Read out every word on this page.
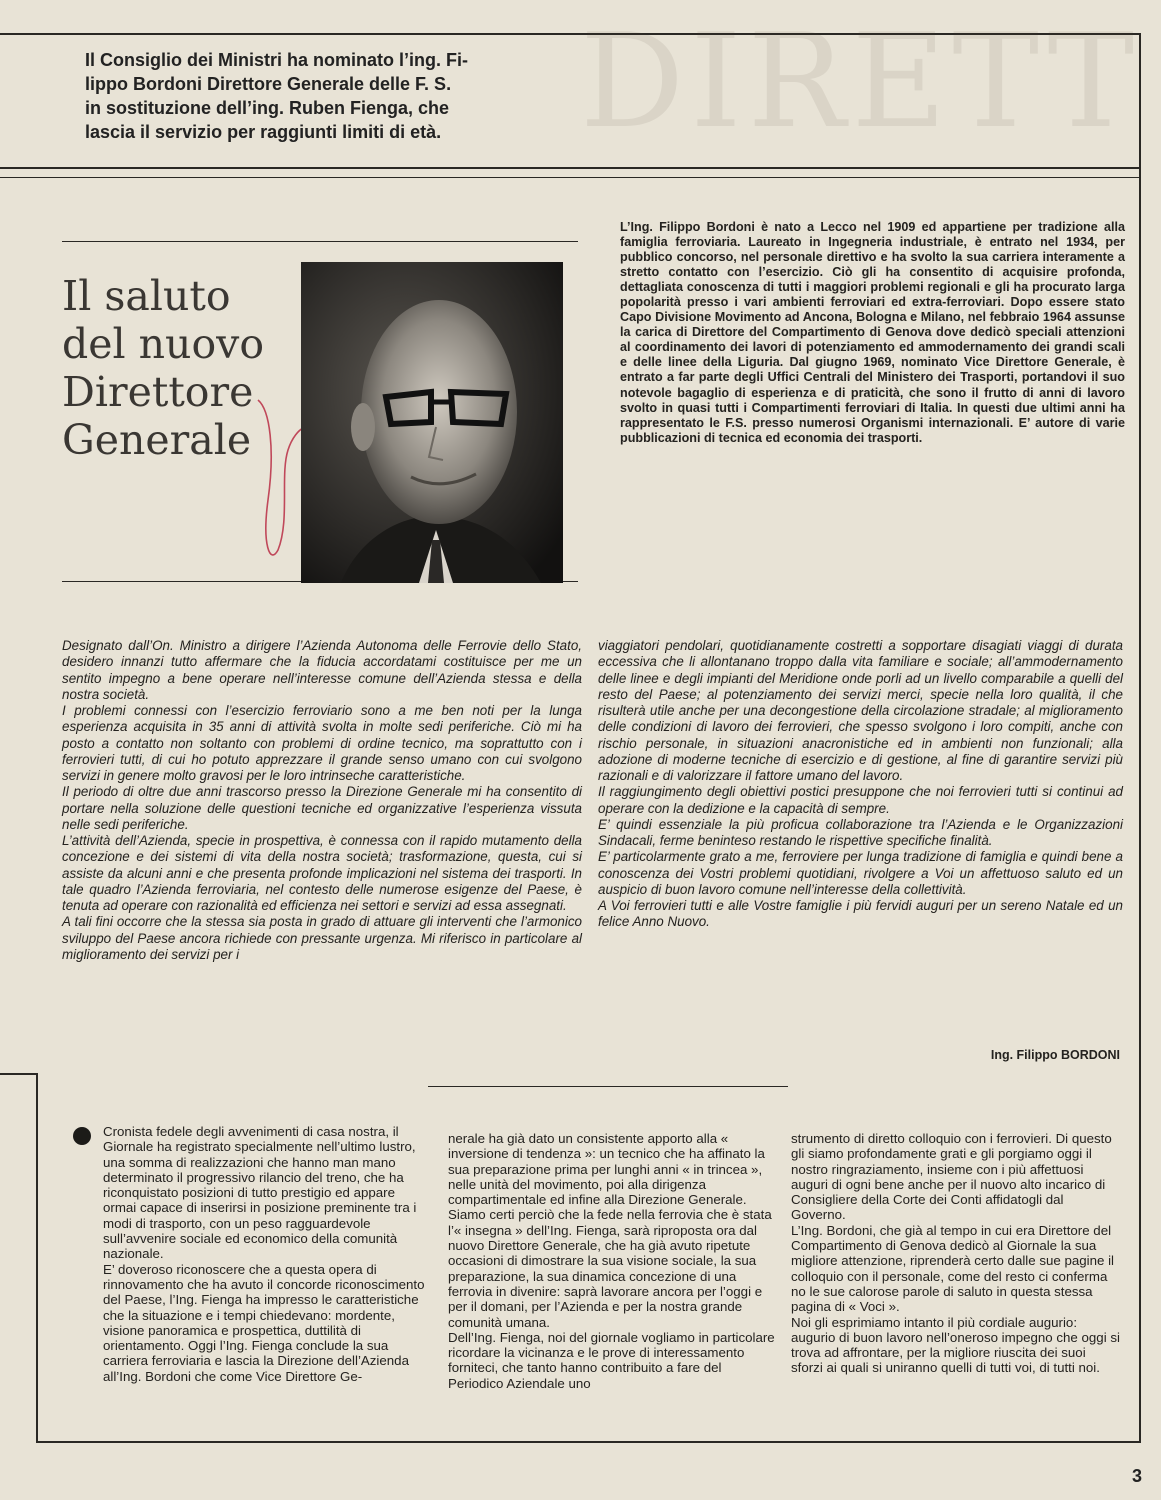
DIRETT

Il Consiglio dei Ministri ha nominato l’ing. Fi-

lippo Bordoni Direttore Generale delle F. S.

in sostituzione dell’ing. Ruben Fienga, che

lascia il servizio per raggiunti limiti di età.

Il saluto
del nuovo
Direttore
Generale

L’Ing. Filippo Bordoni è nato a Lecco nel 1909 ed appartiene per tradizione alla famiglia ferroviaria. Laureato in Ingegneria industriale, è entrato nel 1934, per pubblico concorso, nel personale direttivo e ha svolto la sua carriera interamente a stretto contatto con l’esercizio. Ciò gli ha consentito di acquisire profonda, dettagliata conoscenza di tutti i maggiori problemi regionali e gli ha procurato larga popolarità presso i vari ambienti ferroviari ed extra-ferroviari. Dopo essere stato Capo Divisione Movimento ad Ancona, Bologna e Milano, nel febbraio 1964 assunse la carica di Direttore del Compartimento di Genova dove dedicò speciali attenzioni al coordinamento dei lavori di potenziamento ed ammodernamento dei grandi scali e delle linee della Liguria. Dal giugno 1969, nominato Vice Direttore Generale, è entrato a far parte degli Uffici Centrali del Ministero dei Trasporti, portandovi il suo notevole bagaglio di esperienza e di praticità, che sono il frutto di anni di lavoro svolto in quasi tutti i Compartimenti ferroviari di Italia. In questi due ultimi anni ha rappresentato le F.S. presso numerosi Organismi internazionali. E’ autore di varie pubblicazioni di tecnica ed economia dei trasporti.

Designato dall’On. Ministro a dirigere l’Azienda Autonoma delle Ferrovie dello Stato, desidero innanzi tutto affermare che la fiducia accordatami costituisce per me un sentito impegno a bene operare nell’interesse comune dell’Azienda stessa e della nostra società.

I problemi connessi con l’esercizio ferroviario sono a me ben noti per la lunga esperienza acquisita in 35 anni di attività svolta in molte sedi periferiche. Ciò mi ha posto a contatto non soltanto con problemi di ordine tecnico, ma soprattutto con i ferrovieri tutti, di cui ho potuto apprezzare il grande senso umano con cui svolgono servizi in genere molto gravosi per le loro intrinseche caratteristiche.

Il periodo di oltre due anni trascorso presso la Direzione Generale mi ha consentito di portare nella soluzione delle questioni tecniche ed organizzative l’esperienza vissuta nelle sedi periferiche.

L’attività dell’Azienda, specie in prospettiva, è connessa con il rapido mutamento della concezione e dei sistemi di vita della nostra società; trasformazione, questa, cui si assiste da alcuni anni e che presenta profonde implicazioni nel sistema dei trasporti. In tale quadro l’Azienda ferroviaria, nel contesto delle numerose esigenze del Paese, è tenuta ad operare con razionalità ed efficienza nei settori e servizi ad essa assegnati.

A tali fini occorre che la stessa sia posta in grado di attuare gli interventi che l’armonico sviluppo del Paese ancora richiede con pressante urgenza. Mi riferisco in particolare al miglioramento dei servizi per i

viaggiatori pendolari, quotidianamente costretti a sopportare disagiati viaggi di durata eccessiva che li allontanano troppo dalla vita familiare e sociale; all’ammodernamento delle linee e degli impianti del Meridione onde porli ad un livello comparabile a quelli del resto del Paese; al potenziamento dei servizi merci, specie nella loro qualità, il che risulterà utile anche per una decongestione della circolazione stradale; al miglioramento delle condizioni di lavoro dei ferrovieri, che spesso svolgono i loro compiti, anche con rischio personale, in situazioni anacronistiche ed in ambienti non funzionali; alla adozione di moderne tecniche di esercizio e di gestione, al fine di garantire servizi più razionali e di valorizzare il fattore umano del lavoro.

Il raggiungimento degli obiettivi postici presuppone che noi ferrovieri tutti si continui ad operare con la dedizione e la capacità di sempre.

E’ quindi essenziale la più proficua collaborazione tra l’Azienda e le Organizzazioni Sindacali, ferme beninteso restando le rispettive specifiche finalità.

E’ particolarmente grato a me, ferroviere per lunga tradizione di famiglia e quindi bene a conoscenza dei Vostri problemi quotidiani, rivolgere a Voi un affettuoso saluto ed un auspicio di buon lavoro comune nell’interesse della collettività.

A Voi ferrovieri tutti e alle Vostre famiglie i più fervidi auguri per un sereno Natale ed un felice Anno Nuovo.

Ing. Filippo BORDONI

Cronista fedele degli avvenimenti di casa nostra, il Giornale ha registrato specialmente nell’ultimo lustro, una somma di realizzazioni che hanno man mano determinato il progressivo rilancio del treno, che ha riconquistato posizioni di tutto prestigio ed appare ormai capace di inserirsi in posizione preminente tra i modi di trasporto, con un peso ragguardevole sull’avvenire sociale ed economico della comunità nazionale.

E’ doveroso riconoscere che a questa opera di rinnovamento che ha avuto il concorde riconoscimento del Paese, l’Ing. Fienga ha impresso le caratteristiche che la situazione e i tempi chiedevano: mordente, visione panoramica e prospettica, duttilità di orientamento. Oggi l’Ing. Fienga conclude la sua carriera ferroviaria e lascia la Direzione dell’Azienda all’Ing. Bordoni che come Vice Direttore Ge-

nerale ha già dato un consistente apporto alla « inversione di tendenza »: un tecnico che ha affinato la sua preparazione prima per lunghi anni « in trincea », nelle unità del movimento, poi alla dirigenza compartimentale ed infine alla Direzione Generale.

Siamo certi perciò che la fede nella ferrovia che è stata l’« insegna » dell’Ing. Fienga, sarà riproposta ora dal nuovo Direttore Generale, che ha già avuto ripetute occasioni di dimostrare la sua visione sociale, la sua preparazione, la sua dinamica concezione di una ferrovia in divenire: saprà lavorare ancora per l’oggi e per il domani, per l’Azienda e per la nostra grande comunità umana.

Dell’Ing. Fienga, noi del giornale vogliamo in particolare ricordare la vicinanza e le prove di interessamento forniteci, che tanto hanno contribuito a fare del Periodico Aziendale uno

strumento di diretto colloquio con i ferrovieri. Di questo gli siamo profondamente grati e gli porgiamo oggi il nostro ringraziamento, insieme con i più affettuosi auguri di ogni bene anche per il nuovo alto incarico di Consigliere della Corte dei Conti affidatogli dal Governo.

L’Ing. Bordoni, che già al tempo in cui era Direttore del Compartimento di Genova dedicò al Giornale la sua migliore attenzione, riprenderà certo dalle sue pagine il colloquio con il personale, come del resto ci conferma no le sue calorose parole di saluto in questa stessa pagina di « Voci ».

Noi gli esprimiamo intanto il più cordiale augurio: augurio di buon lavoro nell’oneroso impegno che oggi si trova ad affrontare, per la migliore riuscita dei suoi sforzi ai quali si uniranno quelli di tutti voi, di tutti noi.

3
